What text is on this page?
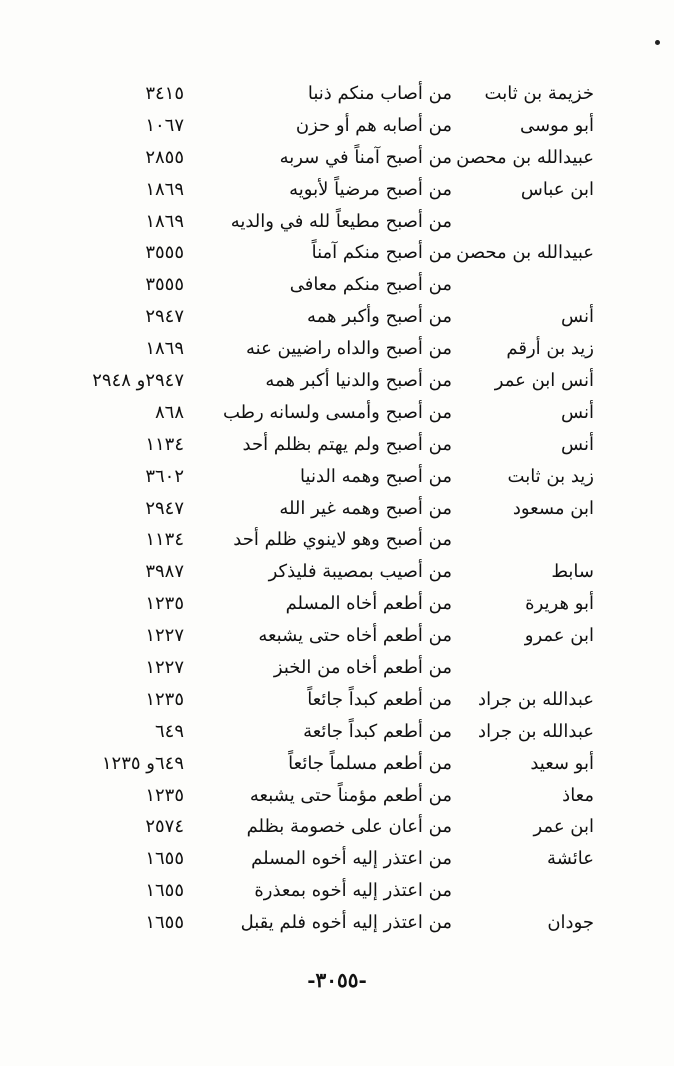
خزيمة بن ثابت
من أصاب منكم ذنبا
٣٤١٥
أبو موسى
من أصابه هم أو حزن
١٠٦٧
عبيدالله بن محصن
من أصبح آمناً في سربه
٢٨٥٥
ابن عباس
من أصبح مرضياً لأبويه
١٨٦٩
من أصبح مطيعاً لله في والديه
١٨٦٩
عبيدالله بن محصن
من أصبح منكم آمناً
٣٥٥٥
من أصبح منكم معافى
٣٥٥٥
أنس
من أصبح وأكبر همه
٢٩٤٧
زيد بن أرقم
من أصبح والداه راضيين عنه
١٨٦٩
أنس ابن عمر
من أصبح والدنيا أكبر همه
٢٩٤٧و ٢٩٤٨
أنس
من أصبح وأمسى ولسانه رطب
٨٦٨
أنس
من أصبح ولم يهتم بظلم أحد
١١٣٤
زيد بن ثابت
من أصبح وهمه الدنيا
٣٦٠٢
ابن مسعود
من أصبح وهمه غير الله
٢٩٤٧
من أصبح وهو لاينوي ظلم أحد
١١٣٤
سابط
من أصيب بمصيبة فليذكر
٣٩٨٧
أبو هريرة
من أطعم أخاه المسلم
١٢٣٥
ابن عمرو
من أطعم أخاه حتى يشبعه
١٢٢٧
من أطعم أخاه من الخبز
١٢٢٧
عبدالله بن جراد
من أطعم كبداً جائعاً
١٢٣٥
عبدالله بن جراد
من أطعم كبداً جائعة
٦٤٩
أبو سعيد
من أطعم مسلماً جائعاً
٦٤٩و ١٢٣٥
معاذ
من أطعم مؤمناً حتى يشبعه
١٢٣٥
ابن عمر
من أعان على خصومة بظلم
٢٥٧٤
عائشة
من اعتذر إليه أخوه المسلم
١٦٥٥
من اعتذر إليه أخوه بمعذرة
١٦٥٥
جودان
من اعتذر إليه أخوه فلم يقبل
١٦٥٥
-٣٠٥٥-
